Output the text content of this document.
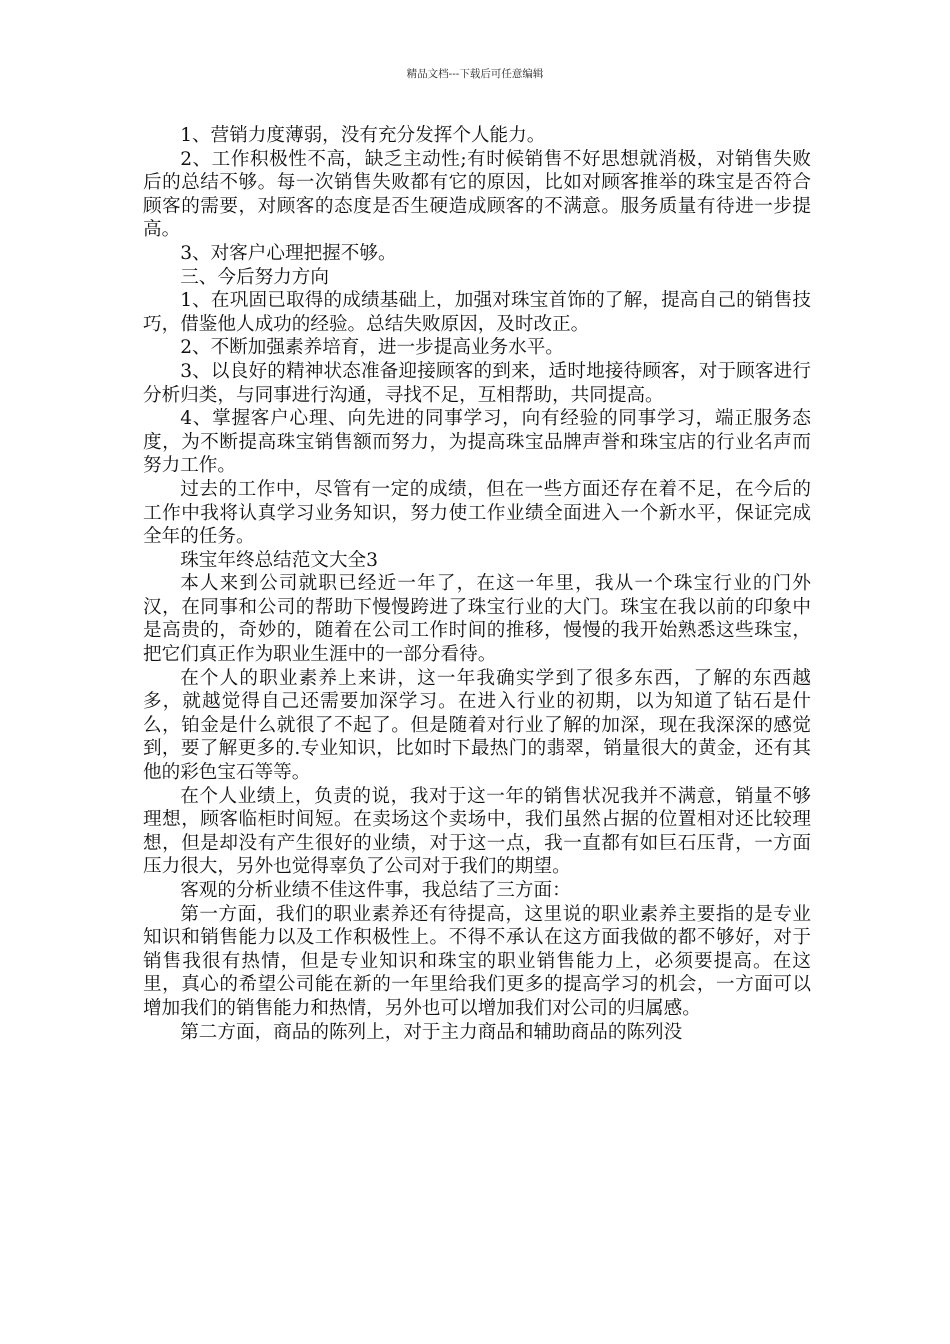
精品文档---下载后可任意编辑

1、营销力度薄弱，没有充分发挥个人能力。

2、工作积极性不高，缺乏主动性;有时候销售不好思想就消极，对销售失败后的总结不够。每一次销售失败都有它的原因，比如对顾客推举的珠宝是否符合顾客的需要，对顾客的态度是否生硬造成顾客的不满意。服务质量有待进一步提高。

3、对客户心理把握不够。

三、今后努力方向

1、在巩固已取得的成绩基础上，加强对珠宝首饰的了解，提高自己的销售技巧，借鉴他人成功的经验。总结失败原因，及时改正。

2、不断加强素养培育，进一步提高业务水平。

3、以良好的精神状态准备迎接顾客的到来，适时地接待顾客，对于顾客进行分析归类，与同事进行沟通，寻找不足，互相帮助，共同提高。

4、掌握客户心理、向先进的同事学习，向有经验的同事学习，端正服务态度，为不断提高珠宝销售额而努力，为提高珠宝品牌声誉和珠宝店的行业名声而努力工作。

过去的工作中，尽管有一定的成绩，但在一些方面还存在着不足，在今后的工作中我将认真学习业务知识，努力使工作业绩全面进入一个新水平，保证完成全年的任务。

珠宝年终总结范文大全3

本人来到公司就职已经近一年了，在这一年里，我从一个珠宝行业的门外汉，在同事和公司的帮助下慢慢跨进了珠宝行业的大门。珠宝在我以前的印象中是高贵的，奇妙的，随着在公司工作时间的推移，慢慢的我开始熟悉这些珠宝，把它们真正作为职业生涯中的一部分看待。

在个人的职业素养上来讲，这一年我确实学到了很多东西，了解的东西越多，就越觉得自己还需要加深学习。在进入行业的初期，以为知道了钻石是什么，铂金是什么就很了不起了。但是随着对行业了解的加深，现在我深深的感觉到，要了解更多的.专业知识，比如时下最热门的翡翠，销量很大的黄金，还有其他的彩色宝石等等。

在个人业绩上，负责的说，我对于这一年的销售状况我并不满意，销量不够理想，顾客临柜时间短。在卖场这个卖场中，我们虽然占据的位置相对还比较理想，但是却没有产生很好的业绩，对于这一点，我一直都有如巨石压背，一方面压力很大，另外也觉得辜负了公司对于我们的期望。

客观的分析业绩不佳这件事，我总结了三方面：

第一方面，我们的职业素养还有待提高，这里说的职业素养主要指的是专业知识和销售能力以及工作积极性上。不得不承认在这方面我做的都不够好，对于销售我很有热情，但是专业知识和珠宝的职业销售能力上，必须要提高。在这里，真心的希望公司能在新的一年里给我们更多的提高学习的机会，一方面可以增加我们的销售能力和热情，另外也可以增加我们对公司的归属感。

第二方面，商品的陈列上，对于主力商品和辅助商品的陈列没
